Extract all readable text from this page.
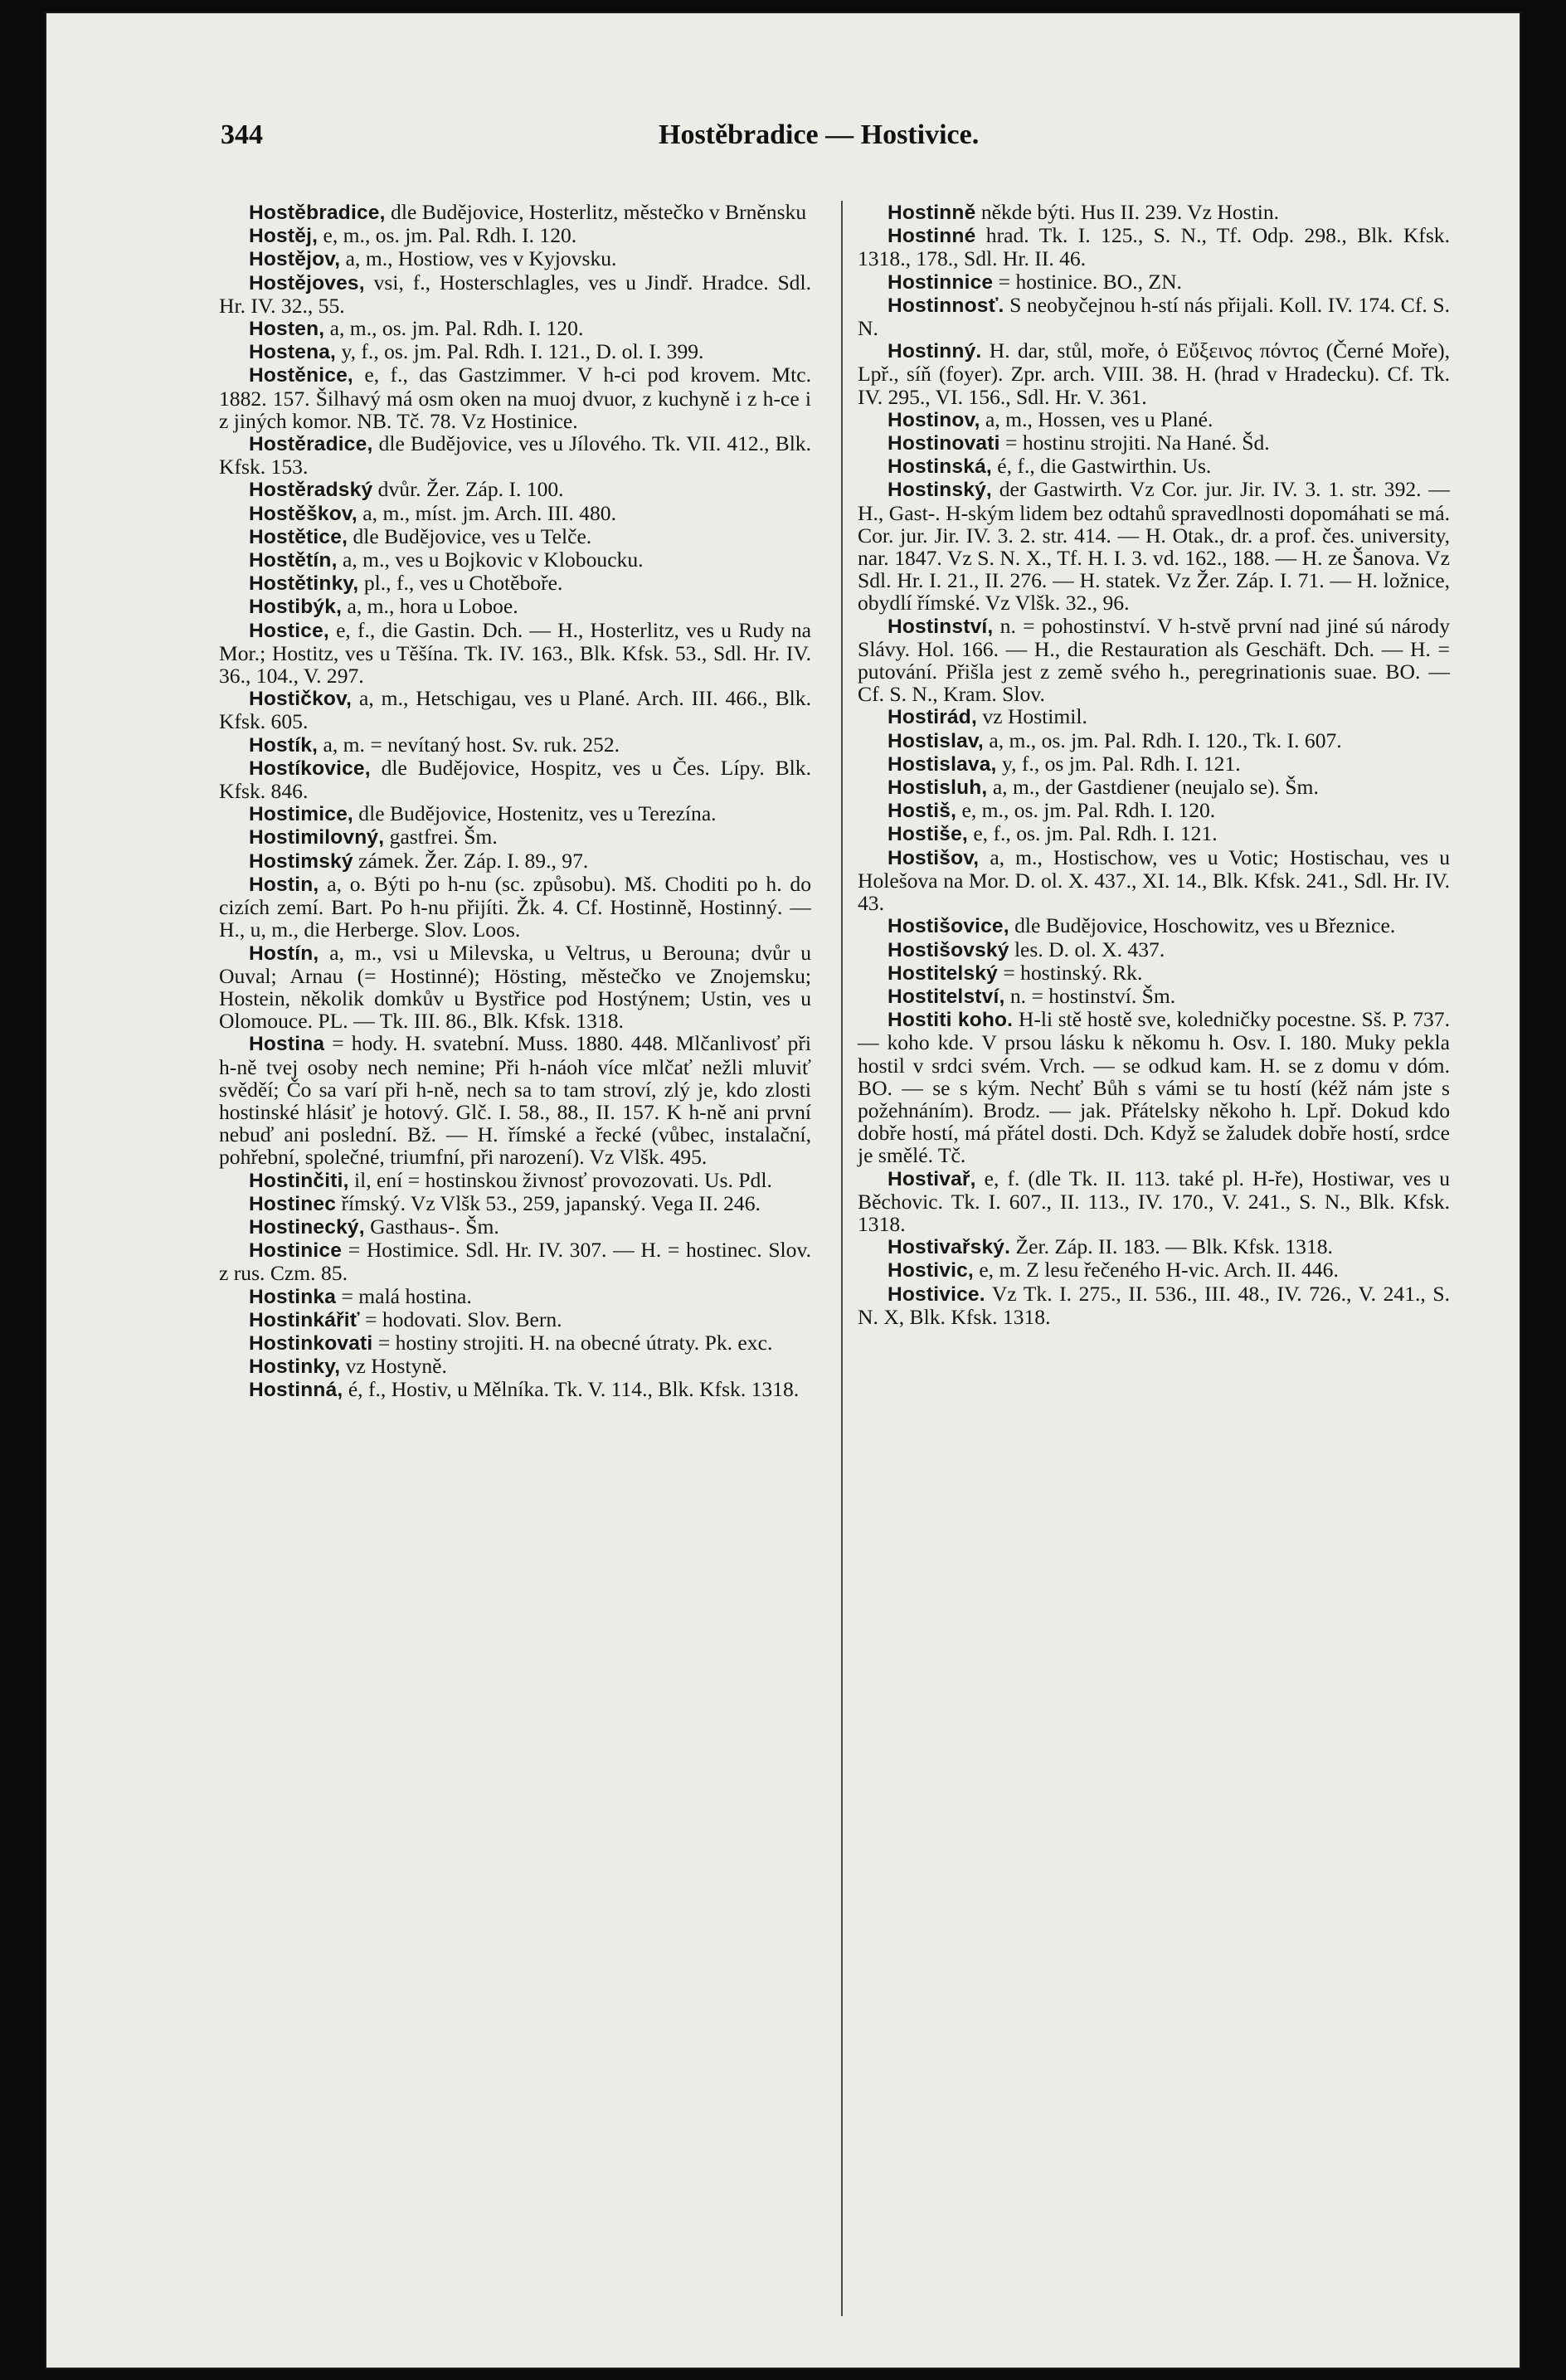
344	Hostěbradice — Hostivice.

Hostěbradice, dle Budějovice, Hosterlitz, městečko v Brněnsku

Hostěj, e, m., os. jm. Pal. Rdh. I. 120.

Hostějov, a, m., Hostiow, ves v Kyjovsku.

Hostějoves, vsi, f., Hosterschlagles, ves u Jindř. Hradce. Sdl. Hr. IV. 32., 55.

Hosten, a, m., os. jm. Pal. Rdh. I. 120.

Hostena, y, f., os. jm. Pal. Rdh. I. 121., D. ol. I. 399.

Hostěnice, e, f., das Gastzimmer. V h-ci pod krovem. Mtc. 1882. 157. Šilhavý má osm oken na muoj dvuor, z kuchyně i z h-ce i z jiných komor. NB. Tč. 78. Vz Hostinice.

Hostěradice, dle Budějovice, ves u Jílového. Tk. VII. 412., Blk. Kfsk. 153.

Hostěradský dvůr. Žer. Záp. I. 100.

Hostěškov, a, m., míst. jm. Arch. III. 480.

Hostětice, dle Budějovice, ves u Telče.

Hostětín, a, m., ves u Bojkovic v Kloboucku.

Hostětinky, pl., f., ves u Chotěboře.

Hostibýk, a, m., hora u Loboe.

Hostice, e, f., die Gastin. Dch. — H., Hosterlitz, ves u Rudy na Mor.; Hostitz, ves u Těšína. Tk. IV. 163., Blk. Kfsk. 53., Sdl. Hr. IV. 36., 104., V. 297.

Hostičkov, a, m., Hetschigau, ves u Plané. Arch. III. 466., Blk. Kfsk. 605.

Hostík, a, m. = nevítaný host. Sv. ruk. 252.

Hostíkovice, dle Budějovice, Hospitz, ves u Čes. Lípy. Blk. Kfsk. 846.

Hostimice, dle Budějovice, Hostenitz, ves u Terezína.

Hostimilovný, gastfrei. Šm.

Hostimský zámek. Žer. Záp. I. 89., 97.

Hostin, a, o. Býti po h-nu (sc. způsobu). Mš. Choditi po h. do cizích zemí. Bart. Po h-nu přijíti. Žk. 4. Cf. Hostinně, Hostinný. — H., u, m., die Herberge. Slov. Loos.

Hostín, a, m., vsi u Milevska, u Veltrus, u Berouna; dvůr u Ouval; Arnau (= Hostinné); Hösting, městečko ve Znojemsku; Hostein, několik domkův u Bystřice pod Hostýnem; Ustin, ves u Olomouce. PL. — Tk. III. 86., Blk. Kfsk. 1318.

Hostina = hody. H. svatební. Muss. 1880. 448. Mlčanlivosť při h-ně tvej osoby nech nemine; Při h-náoh více mlčať nežli mluviť svěděí; Čo sa varí při h-ně, nech sa to tam stroví, zlý je, kdo zlosti hostinské hlásiť je hotový. Glč. I. 58., 88., II. 157. K h-ně ani první nebuď ani poslední. Bž. — H. římské a řecké (vůbec, instalační, pohřební, společné, triumfní, při narození). Vz Vlšk. 495.

Hostinčiti, il, ení = hostinskou živnosť provozovati. Us. Pdl.

Hostinec římský. Vz Vlšk 53., 259, japanský. Vega II. 246.

Hostinecký, Gasthaus-. Šm.

Hostinice = Hostimice. Sdl. Hr. IV. 307. — H. = hostinec. Slov. z rus. Czm. 85.

Hostinka = malá hostina.

Hostinkářiť = hodovati. Slov. Bern.

Hostinkovati = hostiny strojiti. H. na obecné útraty. Pk. exc.

Hostinky, vz Hostyně.

Hostinná, é, f., Hostiv, u Mělníka. Tk. V. 114., Blk. Kfsk. 1318.

Hostinně někde býti. Hus II. 239. Vz Hostin.

Hostinné hrad. Tk. I. 125., S. N., Tf. Odp. 298., Blk. Kfsk. 1318., 178., Sdl. Hr. II. 46.

Hostinnice = hostinice. BO., ZN.

Hostinnosť. S neobyčejnou h-stí nás přijali. Koll. IV. 174. Cf. S. N.

Hostinný. H. dar, stůl, moře, ὁ Εὔξεινος πόντος (Černé Moře), Lpř., síň (foyer). Zpr. arch. VIII. 38. H. (hrad v Hradecku). Cf. Tk. IV. 295., VI. 156., Sdl. Hr. V. 361.

Hostinov, a, m., Hossen, ves u Plané.

Hostinovati = hostinu strojiti. Na Hané. Šd.

Hostinská, é, f., die Gastwirthin. Us.

Hostinský, der Gastwirth. Vz Cor. jur. Jir. IV. 3. 1. str. 392. — H., Gast-. H-ským lidem bez odtahů spravedlnosti dopomáhati se má. Cor. jur. Jir. IV. 3. 2. str. 414. — H. Otak., dr. a prof. čes. university, nar. 1847. Vz S. N. X., Tf. H. I. 3. vd. 162., 188. — H. ze Šanova. Vz Sdl. Hr. I. 21., II. 276. — H. statek. Vz Žer. Záp. I. 71. — H. ložnice, obydlí římské. Vz Vlšk. 32., 96.

Hostinství, n. = pohostinství. V h-stvě první nad jiné sú národy Slávy. Hol. 166. — H., die Restauration als Geschäft. Dch. — H. = putování. Přišla jest z země svého h., peregrinationis suae. BO. — Cf. S. N., Kram. Slov.

Hostirád, vz Hostimil.

Hostislav, a, m., os. jm. Pal. Rdh. I. 120., Tk. I. 607.

Hostislava, y, f., os jm. Pal. Rdh. I. 121.

Hostisluh, a, m., der Gastdiener (neujalo se). Šm.

Hostiš, e, m., os. jm. Pal. Rdh. I. 120.

Hostiše, e, f., os. jm. Pal. Rdh. I. 121.

Hostišov, a, m., Hostischow, ves u Votic; Hostischau, ves u Holešova na Mor. D. ol. X. 437., XI. 14., Blk. Kfsk. 241., Sdl. Hr. IV. 43.

Hostišovice, dle Budějovice, Hoschowitz, ves u Březnice.

Hostišovský les. D. ol. X. 437.

Hostitelský = hostinský. Rk.

Hostitelství, n. = hostinství. Šm.

Hostiti koho. H-li stě hostě sve, koledničky pocestne. Sš. P. 737. — koho kde. V prsou lásku k někomu h. Osv. I. 180. Muky pekla hostil v srdci svém. Vrch. — se odkud kam. H. se z domu v dóm. BO. — se s kým. Nechť Bůh s vámi se tu hostí (kéž nám jste s požehnáním). Brodz. — jak. Přátelsky někoho h. Lpř. Dokud kdo dobře hostí, má přátel dosti. Dch. Když se žaludek dobře hostí, srdce je smělé. Tč.

Hostivař, e, f. (dle Tk. II. 113. také pl. H-ře), Hostiwar, ves u Běchovic. Tk. I. 607., II. 113., IV. 170., V. 241., S. N., Blk. Kfsk. 1318.

Hostivařský. Žer. Záp. II. 183. — Blk. Kfsk. 1318.

Hostivic, e, m. Z lesu řečeného H-vic. Arch. II. 446.

Hostivice. Vz Tk. I. 275., II. 536., III. 48., IV. 726., V. 241., S. N. X, Blk. Kfsk. 1318.
